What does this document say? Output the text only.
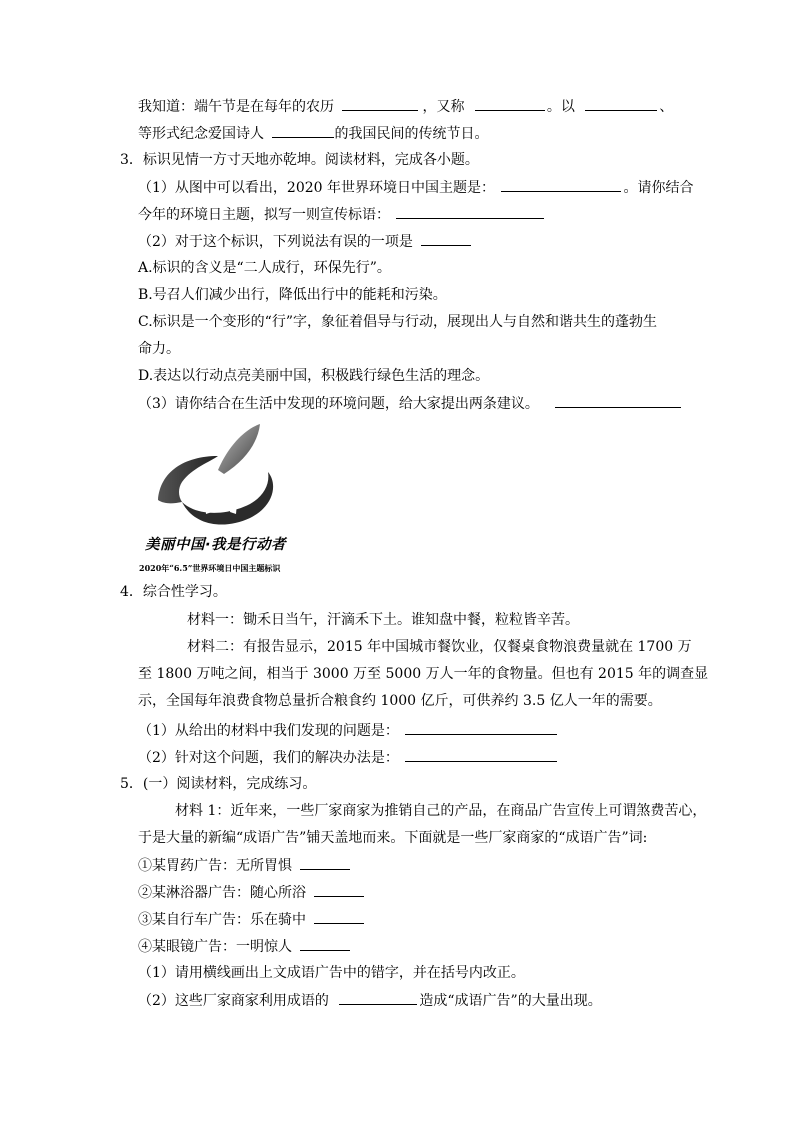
我知道：端午节是在每年的农历	，又称	。以	、
等形式纪念爱国诗人	的我国民间的传统节日。
3．标识见情一方寸天地亦乾坤。阅读材料，完成各小题。
（1）从图中可以看出，2020 年世界环境日中国主题是：	。请你结合
今年的环境日主题，拟写一则宣传标语：
（2）对于这个标识，下列说法有误的一项是
A.标识的含义是“二人成行，环保先行”。
B.号召人们减少出行，降低出行中的能耗和污染。
C.标识是一个变形的“行”字，象征着倡导与行动，展现出人与自然和谐共生的蓬勃生
命力。
D.表达以行动点亮美丽中国，积极践行绿色生活的理念。
（3）请你结合在生活中发现的环境问题，给大家提出两条建议。
美丽中国·我是行动者
2020年“6.5”世界环境日中国主题标识
4．综合性学习。
材料一：锄禾日当午，汗滴禾下土。谁知盘中餐，粒粒皆辛苦。
材料二：有报告显示，2015 年中国城市餐饮业，仅餐桌食物浪费量就在 1700 万
至 1800 万吨之间，相当于 3000 万至 5000 万人一年的食物量。但也有 2015 年的调查显
示，全国每年浪费食物总量折合粮食约 1000 亿斤，可供养约 3.5 亿人一年的需要。
（1）从给出的材料中我们发现的问题是：
（2）针对这个问题，我们的解决办法是：
5．(一）阅读材料，完成练习。
材料 1：近年来，一些厂家商家为推销自己的产品，在商品广告宣传上可谓煞费苦心，
于是大量的新编“成语广告”铺天盖地而来。下面就是一些厂家商家的“成语广告”词:
①某胃药广告：无所胃惧
②某淋浴器广告：随心所浴
③某自行车广告：乐在骑中
④某眼镜广告：一明惊人
（1）请用横线画出上文成语广告中的错字，并在括号内改正。
（2）这些厂家商家利用成语的	造成“成语广告”的大量出现。
